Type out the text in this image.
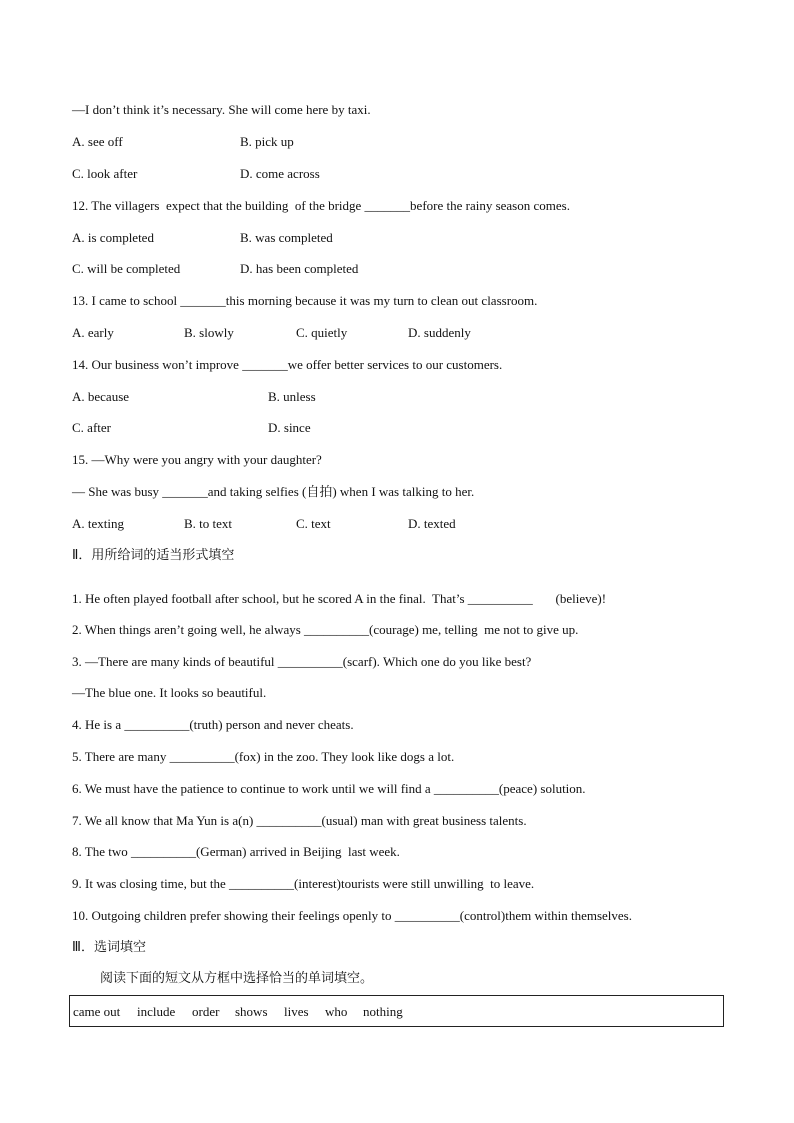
—I don’t think it’s necessary. She will come here by taxi.
A. see off	B. pick up
C. look after	D. come across
12. The villagers  expect that the building  of the bridge _______before the rainy season comes.
A. is completed	B. was completed
C. will be completed	D. has been completed
13. I came to school _______this morning because it was my turn to clean out classroom.
A. early	B. slowly	C. quietly	D. suddenly
14. Our business won’t improve _______we offer better services to our customers.
A. because	B. unless
C. after	D. since
15. —Why were you angry with your daughter?
— She was busy _______and taking selfies (自拍) when I was talking to her.
A. texting	B. to text	C. text	D. texted
Ⅱ．用所给词的适当形式填空
1. He often played football after school, but he scored A in the final.  That’s __________       (believe)!
2. When things aren’t going well, he always __________(courage) me, telling  me not to give up.
3. —There are many kinds of beautiful __________(scarf). Which one do you like best?
—The blue one. It looks so beautiful.
4. He is a __________(truth) person and never cheats.
5. There are many __________(fox) in the zoo. They look like dogs a lot.
6. We must have the patience to continue to work until we will find a __________(peace) solution.
7. We all know that Ma Yun is a(n) __________(usual) man with great business talents.
8. The two __________(German) arrived in Beijing  last week.
9. It was closing time, but the __________(interest)tourists were still unwilling  to leave.
10. Outgoing children prefer showing their feelings openly to __________(control)them within themselves.
Ⅲ．选词填空
阅读下面的短文从方框中选择恰当的单词填空。
came out include order shows lives who nothing
